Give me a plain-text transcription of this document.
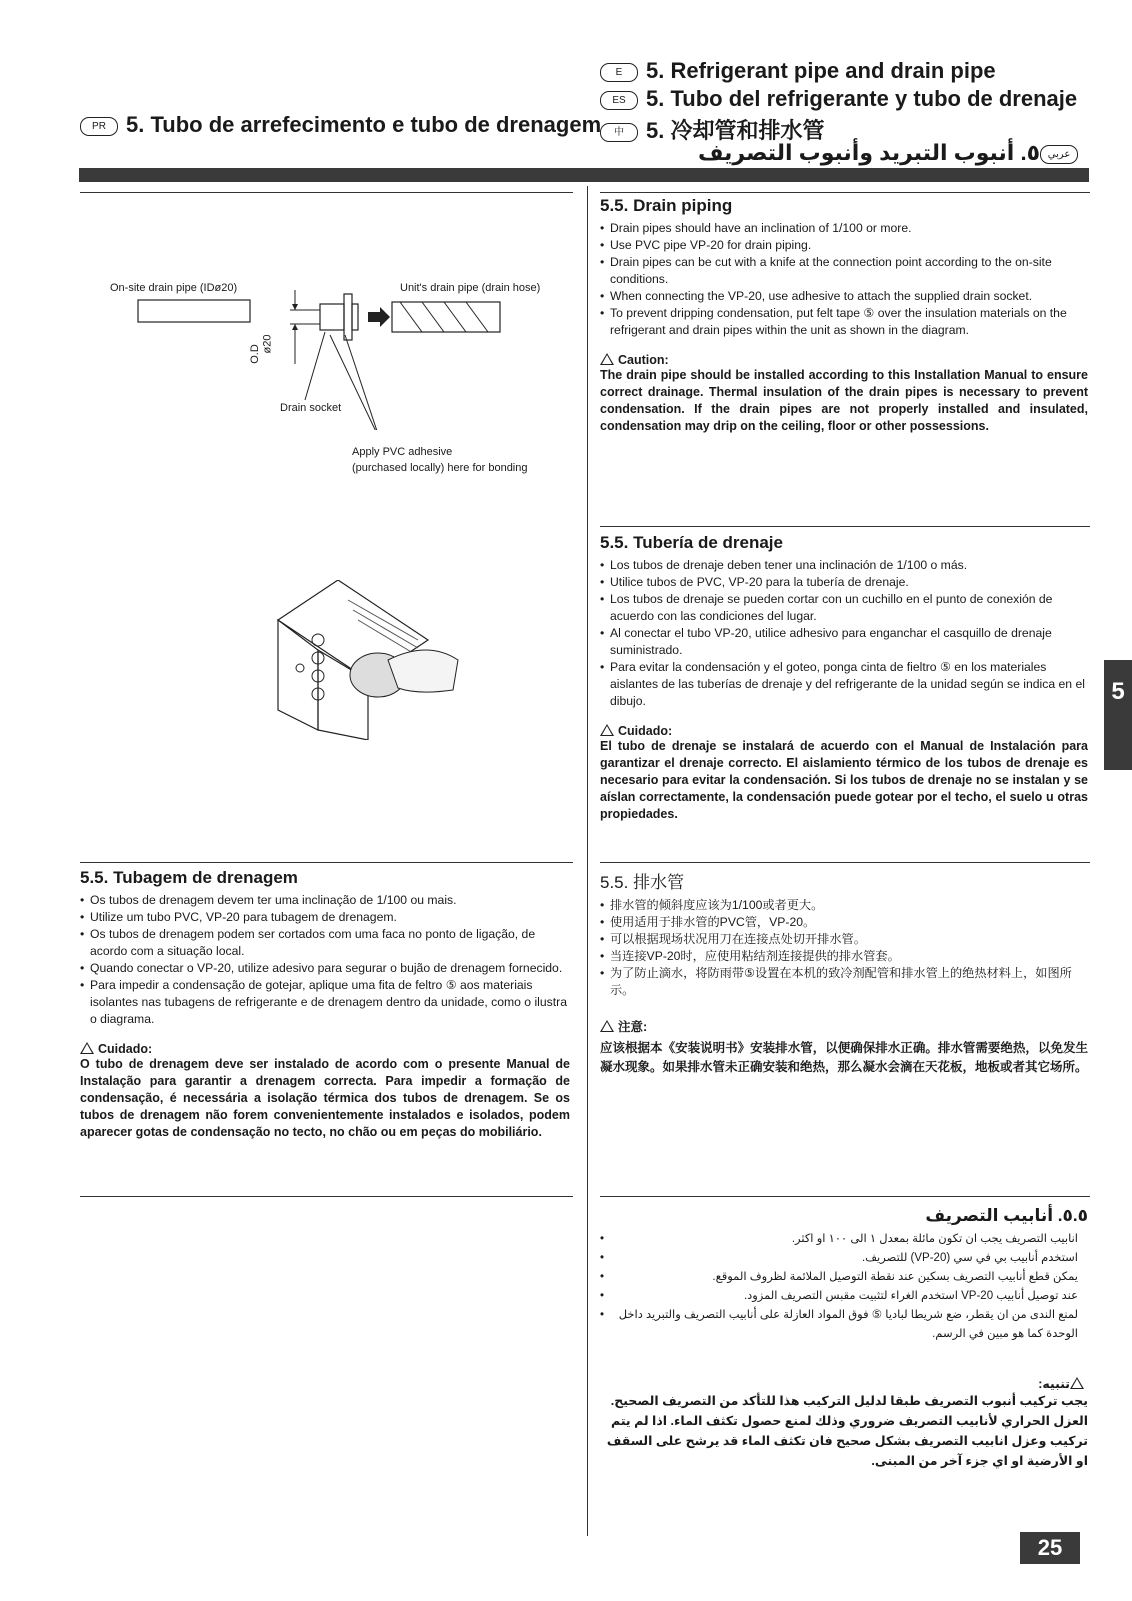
E 5. Refrigerant pipe and drain pipe
ES 5. Tubo del refrigerante y tubo de drenaje
中 5. 冷却管和排水管
PR 5. Tubo de arrefecimento e tubo de drenagem
عربي٥. أنبوب التبريد وأنبوب التصريف
On-site drain pipe (IDø20)	Unit's drain pipe (drain hose)
O.D
ø20
Drain socket
Apply PVC adhesive
(purchased locally) here for bonding
5.5. Drain piping
• Drain pipes should have an inclination of 1/100 or more.
• Use PVC pipe VP-20 for drain piping.
• Drain pipes can be cut with a knife at the connection point according to the on-site conditions.
• When connecting the VP-20, use adhesive to attach the supplied drain socket.
• To prevent dripping condensation, put felt tape ⑤ over the insulation materials on the refrigerant and drain pipes within the unit as shown in the diagram.
Caution:
The drain pipe should be installed according to this Installation Manual to ensure correct drainage. Thermal insulation of the drain pipes is necessary to prevent condensation. If the drain pipes are not properly installed and insulated, condensation may drip on the ceiling, floor or other possessions.
5.5. Tubería de drenaje
• Los tubos de drenaje deben tener una inclinación de 1/100 o más.
• Utilice tubos de PVC, VP-20 para la tubería de drenaje.
• Los tubos de drenaje se pueden cortar con un cuchillo en el punto de conexión de acuerdo con las condiciones del lugar.
• Al conectar el tubo VP-20, utilice adhesivo para enganchar el casquillo de drenaje suministrado.
• Para evitar la condensación y el goteo, ponga cinta de fieltro ⑤ en los materiales aislantes de las tuberías de drenaje y del refrigerante de la unidad según se indica en el dibujo.
Cuidado:
El tubo de drenaje se instalará de acuerdo con el Manual de Instalación para garantizar el drenaje correcto. El aislamiento térmico de los tubos de drenaje es necesario para evitar la condensación. Si los tubos de drenaje no se instalan y se aíslan correctamente, la condensación puede gotear por el techo, el suelo u otras propiedades.
5.5. Tubagem de drenagem
• Os tubos de drenagem devem ter uma inclinação de 1/100 ou mais.
• Utilize um tubo PVC, VP-20 para tubagem de drenagem.
• Os tubos de drenagem podem ser cortados com uma faca no ponto de ligação, de acordo com a situação local.
• Quando conectar o VP-20, utilize adesivo para segurar o bujão de drenagem fornecido.
• Para impedir a condensação de gotejar, aplique uma fita de feltro ⑤ aos materiais isolantes nas tubagens de refrigerante e de drenagem dentro da unidade, como o ilustra o diagrama.
Cuidado:
O tubo de drenagem deve ser instalado de acordo com o presente Manual de Instalação para garantir a drenagem correcta. Para impedir a formação de condensação, é necessária a isolação térmica dos tubos de drenagem. Se os tubos de drenagem não forem convenientemente instalados e isolados, podem aparecer gotas de condensação no tecto, no chão ou em peças do mobiliário.
5.5. 排水管
• 排水管的倾斜度应该为1/100或者更大。
• 使用适用于排水管的PVC管，VP-20。
• 可以根据现场状况用刀在连接点处切开排水管。
• 当连接VP-20时，应使用粘结剂连接提供的排水管套。
• 为了防止滴水，将防雨带⑤设置在本机的致冷剂配管和排水管上的绝热材料上，如图所示。
注意:
应该根据本《安装说明书》安装排水管，以便确保排水正确。排水管需要绝热，以免发生凝水现象。如果排水管未正确安装和绝热，那么凝水会滴在天花板，地板或者其它场所。
٥.٥. أنابيب التصريف
• انابيب التصريف يجب ان تكون مائلة بمعدل ١ الى ١٠٠ او اكثر.
• استخدم أنابيب بي في سي (VP-20) للتصريف.
• يمكن قطع أنابيب التصريف بسكين عند نقطة التوصيل الملائمة لظروف الموقع.
• عند توصيل أنابيب VP-20 استخدم الغراء لتثبيت مقبس التصريف المزود.
• لمنع الندى من ان يقطر، ضع شريطا لباديا ⑤ فوق المواد العازلة على أنابيب التصريف والتبريد داخل الوحدة كما هو مبين في الرسم.
تنبيه:
يجب تركيب أنبوب التصريف طبقا لدليل التركيب هذا للتأكد من التصريف الصحيح. العزل الحراري لأنابيب التصريف ضروري وذلك لمنع حصول تكثف الماء. اذا لم يتم تركيب وعزل انابيب التصريف بشكل صحيح فان تكثف الماء قد يرشح على السقف او الأرضية او اي جزء آخر من المبنى.
5
25
